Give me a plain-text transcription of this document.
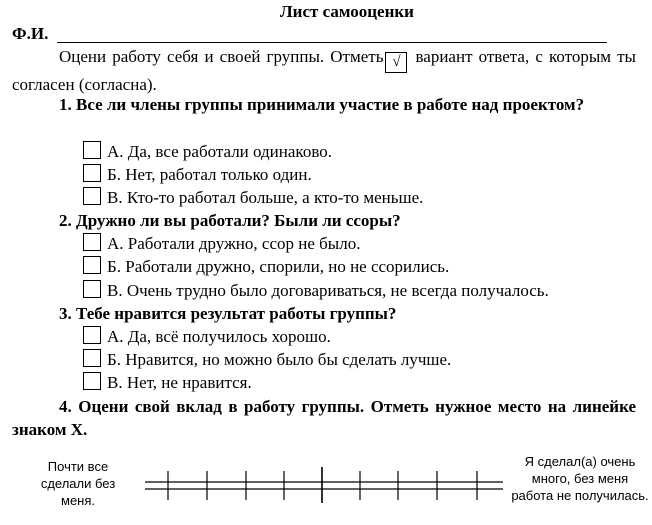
Лист самооценки
Ф.И.
Оцени работу себя и своей группы. Отметь √ вариант ответа, с которым ты согласен (согласна).
1. Все ли члены группы принимали участие в работе над проектом?
А. Да, все работали одинаково.
Б. Нет, работал только один.
В. Кто-то работал больше, а кто-то меньше.
2. Дружно ли вы работали? Были ли ссоры?
А. Работали дружно, ссор не было.
Б. Работали дружно, спорили, но не ссорились.
В. Очень трудно было договариваться, не всегда получалось.
3. Тебе нравится результат работы группы?
А. Да, всё получилось хорошо.
Б. Нравится, но можно было бы сделать лучше.
В. Нет, не нравится.
4. Оцени свой вклад в работу группы. Отметь нужное место на линейке знаком Х.
Почти все сделали без меня.
Я сделал(а) очень много, без меня работа не получилась.
